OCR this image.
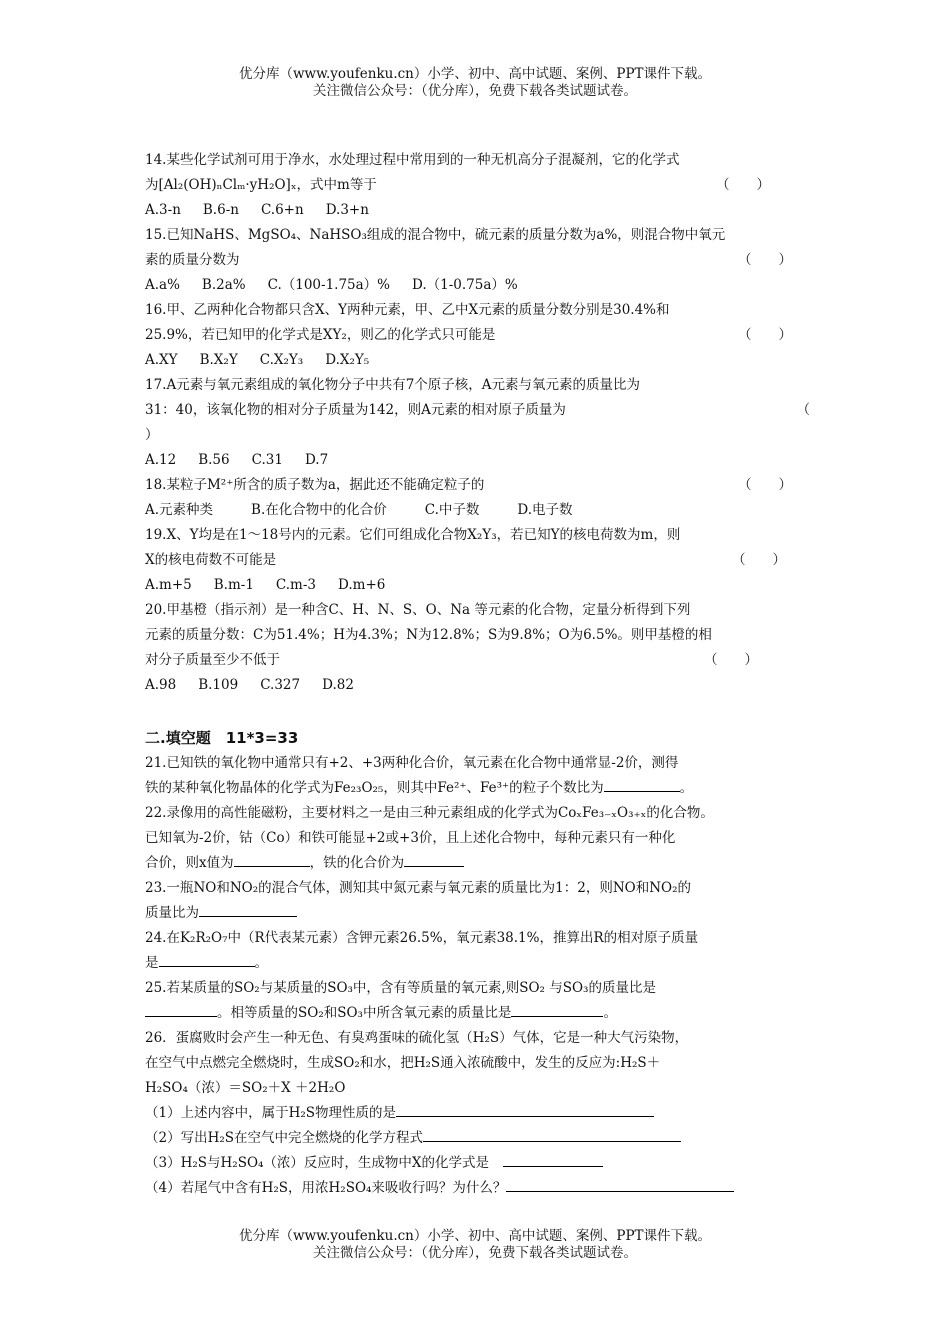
优分库（www.youfenku.cn）小学、初中、高中试题、案例、PPT课件下载。
关注微信公众号：（优分库），免费下载各类试题试卷。
14.某些化学试剂可用于净水，水处理过程中常用到的一种无机高分子混凝剂，它的化学式
为[Al₂(OH)ₙClₘ·yH₂O]ₓ，式中m等于	（　　）
A.3-n B.6-n C.6+n D.3+n
15.已知NaHS、MgSO₄、NaHSO₃组成的混合物中，硫元素的质量分数为a%，则混合物中氧元
素的质量分数为	（　　）
A.a% B.2a% C.（100-1.75a）% D.（1-0.75a）%
16.甲、乙两种化合物都只含X、Y两种元素，甲、乙中X元素的质量分数分别是30.4%和
25.9%，若已知甲的化学式是XY₂，则乙的化学式只可能是	（　　）
A.XY B.X₂Y C.X₂Y₃ D.X₂Y₅
17.A元素与氧元素组成的氧化物分子中共有7个原子核，A元素与氧元素的质量比为
31：40，该氧化物的相对分子质量为142，则A元素的相对原子质量为	（
）
A.12 B.56 C.31 D.7
18.某粒子M²⁺所含的质子数为a，据此还不能确定粒子的	（　　）
A.元素种类	B.在化合物中的化合价	C.中子数	D.电子数
19.X、Y均是在1～18号内的元素。它们可组成化合物X₂Y₃，若已知Y的核电荷数为m，则
X的核电荷数不可能是	（　　）
A.m+5 B.m-1 C.m-3 D.m+6
20.甲基橙（指示剂）是一种含C、H、N、S、O、Na 等元素的化合物，定量分析得到下列
元素的质量分数：C为51.4%；H为4.3%；N为12.8%；S为9.8%；O为6.5%。则甲基橙的相
对分子质量至少不低于	（　　）
A.98 B.109 C.327 D.82
二.填空题　11*3=33
21.已知铁的氧化物中通常只有+2、+3两种化合价，氧元素在化合物中通常显-2价，测得
铁的某种氧化物晶体的化学式为Fe₂₃O₂₅，则其中Fe²⁺、Fe³⁺的粒子个数比为	。
22.录像用的高性能磁粉，主要材料之一是由三种元素组成的化学式为CoₓFe₃₋ₓO₃₊ₓ的化合物。
已知氧为-2价，钴（Co）和铁可能显+2或+3价，且上述化合物中，每种元素只有一种化
合价，则x值为	，铁的化合价为
23.一瓶NO和NO₂的混合气体，测知其中氮元素与氧元素的质量比为1：2，则NO和NO₂的
质量比为
24.在K₂R₂O₇中（R代表某元素）含钾元素26.5%，氧元素38.1%，推算出R的相对原子质量
是	。
25.若某质量的SO₂与某质量的SO₃中，含有等质量的氧元素,则SO₂ 与SO₃的质量比是
。相等质量的SO₂和SO₃中所含氧元素的质量比是	。
26．蛋腐败时会产生一种无色、有臭鸡蛋味的硫化氢（H₂S）气体，它是一种大气污染物，
在空气中点燃完全燃烧时，生成SO₂和水，把H₂S通入浓硫酸中，发生的反应为:H₂S＋
H₂SO₄（浓）＝SO₂＋X ＋2H₂O
（1）上述内容中，属于H₂S物理性质的是
（2）写出H₂S在空气中完全燃烧的化学方程式
（3）H₂S与H₂SO₄（浓）反应时，生成物中X的化学式是
（4）若尾气中含有H₂S，用浓H₂SO₄来吸收行吗？为什么？
优分库（www.youfenku.cn）小学、初中、高中试题、案例、PPT课件下载。
关注微信公众号：（优分库），免费下载各类试题试卷。
